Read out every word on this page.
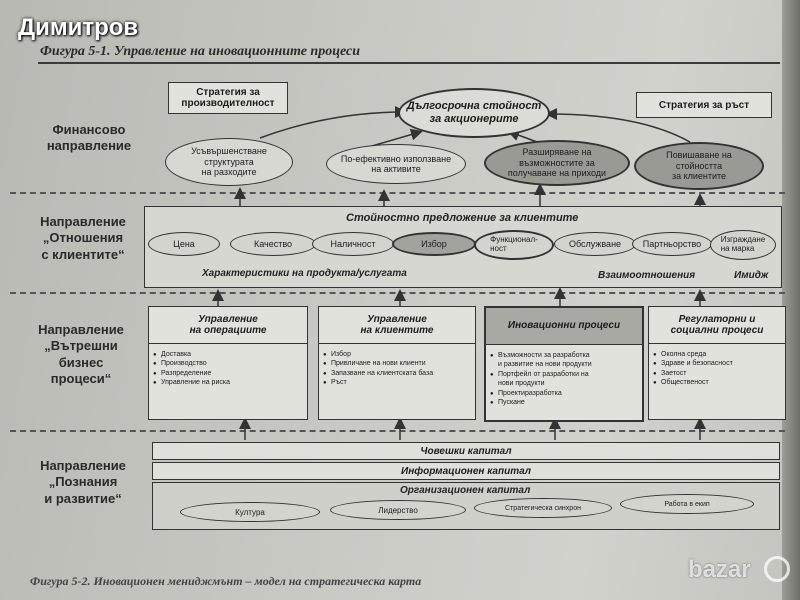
Димитров
Фигура 5-1. Управление на иновационните процеси
Финансово
направление
Направление
„Отношения
с клиентите“
Направление
„Вътрешни
бизнес
процеси“
Направление
„Познания
и развитие“
Стратегия за
производителност	Дългосрочна стойност
за акционерите
Стратегия за ръст
Усъвършенстване
структурата
на разходите
По-ефективно използване
на активите
Разширяване на
възможностите за
получаване на приходи
Повишаване на
стойността
за клиентите
Стойностно предложение за клиентите
Цена	Качество	Наличност	Избор	Функционал-
ност	Обслужване	Партньорство	Изграждане
на марка
Характеристики на продукта/услугата	Взаимоотношения	Имидж
Управление
на операциите
● Доставка
● Производство
● Разпределение
● Управление на риска
Управление
на клиентите
● Избор
● Привличане на нови клиенти
● Запазване на клиентската база
● Ръст
Иновационни процеси
● Възможности за разработка
и развитие на нови продукти
● Портфейл от разработки на
нови продукти
● Проектиразработка
● Пускане
Регулаторни и
социални процеси
● Околна среда
● Здраве и безопасност
● Заетост
● Общественост
Човешки капитал
Информационен капитал
Организационен капитал
Култура	Лидерство	Стратегическа синхрон
Работа в екип
Фигура 5-2. Иновационен мениджмънт – модел на стратегическа карта	bazar
